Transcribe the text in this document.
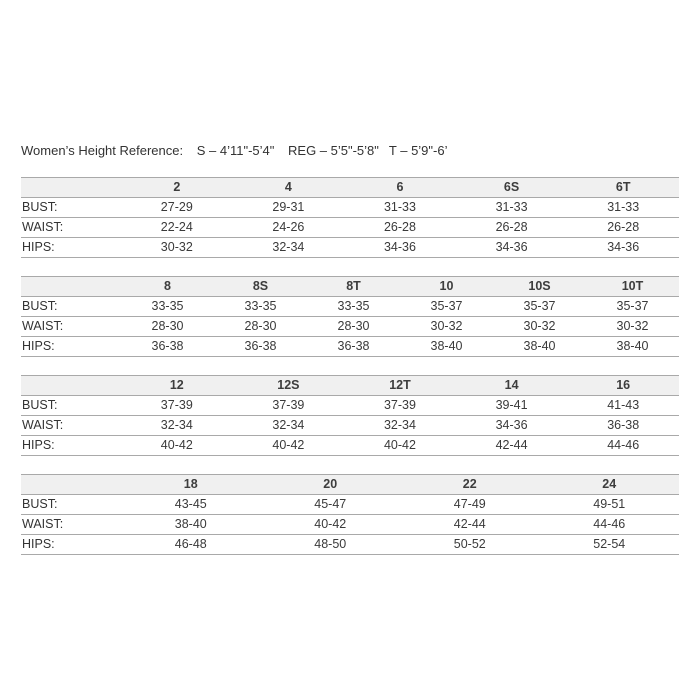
Women’s Height Reference: S – 4’11"-5’4" REG – 5’5"-5’8" T – 5’9"-6’
	2	4	6	6S	6T
BUST:	27-29	29-31	31-33	31-33	31-33
WAIST:	22-24	24-26	26-28	26-28	26-28
HIPS:	30-32	32-34	34-36	34-36	34-36
	8	8S	8T	10	10S	10T
BUST:	33-35	33-35	33-35	35-37	35-37	35-37
WAIST:	28-30	28-30	28-30	30-32	30-32	30-32
HIPS:	36-38	36-38	36-38	38-40	38-40	38-40
	12	12S	12T	14	16
BUST:	37-39	37-39	37-39	39-41	41-43
WAIST:	32-34	32-34	32-34	34-36	36-38
HIPS:	40-42	40-42	40-42	42-44	44-46
	18	20	22	24
BUST:	43-45	45-47	47-49	49-51
WAIST:	38-40	40-42	42-44	44-46
HIPS:	46-48	48-50	50-52	52-54
